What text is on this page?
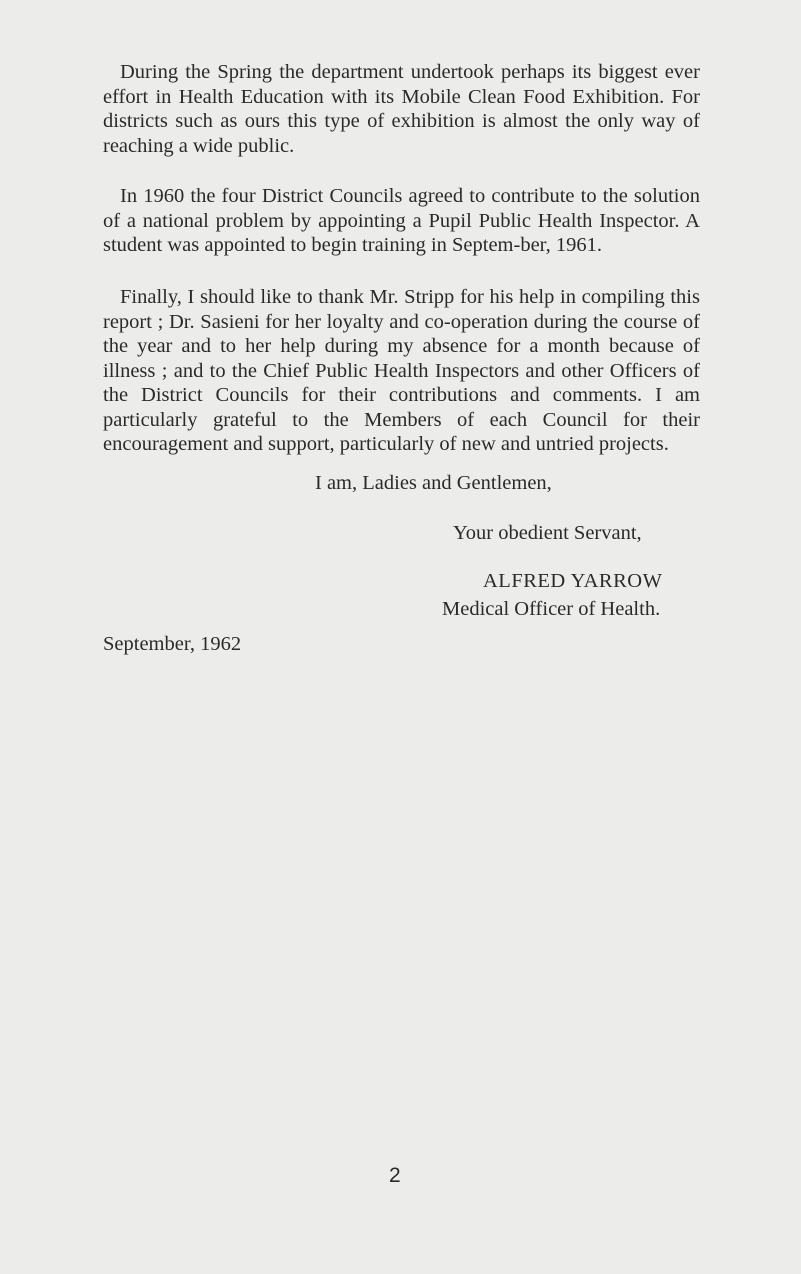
During the Spring the department undertook perhaps its biggest ever effort in Health Education with its Mobile Clean Food Exhibition. For districts such as ours this type of exhibition is almost the only way of reaching a wide public.

In 1960 the four District Councils agreed to contribute to the solution of a national problem by appointing a Pupil Public Health Inspector. A student was appointed to begin training in Septem-ber, 1961.

Finally, I should like to thank Mr. Stripp for his help in compiling this report ; Dr. Sasieni for her loyalty and co-operation during the course of the year and to her help during my absence for a month because of illness ; and to the Chief Public Health Inspectors and other Officers of the District Councils for their contributions and comments. I am particularly grateful to the Members of each Council for their encouragement and support, particularly of new and untried projects.

I am, Ladies and Gentlemen,
Your obedient Servant,
ALFRED YARROW
Medical Officer of Health.
September, 1962
2
